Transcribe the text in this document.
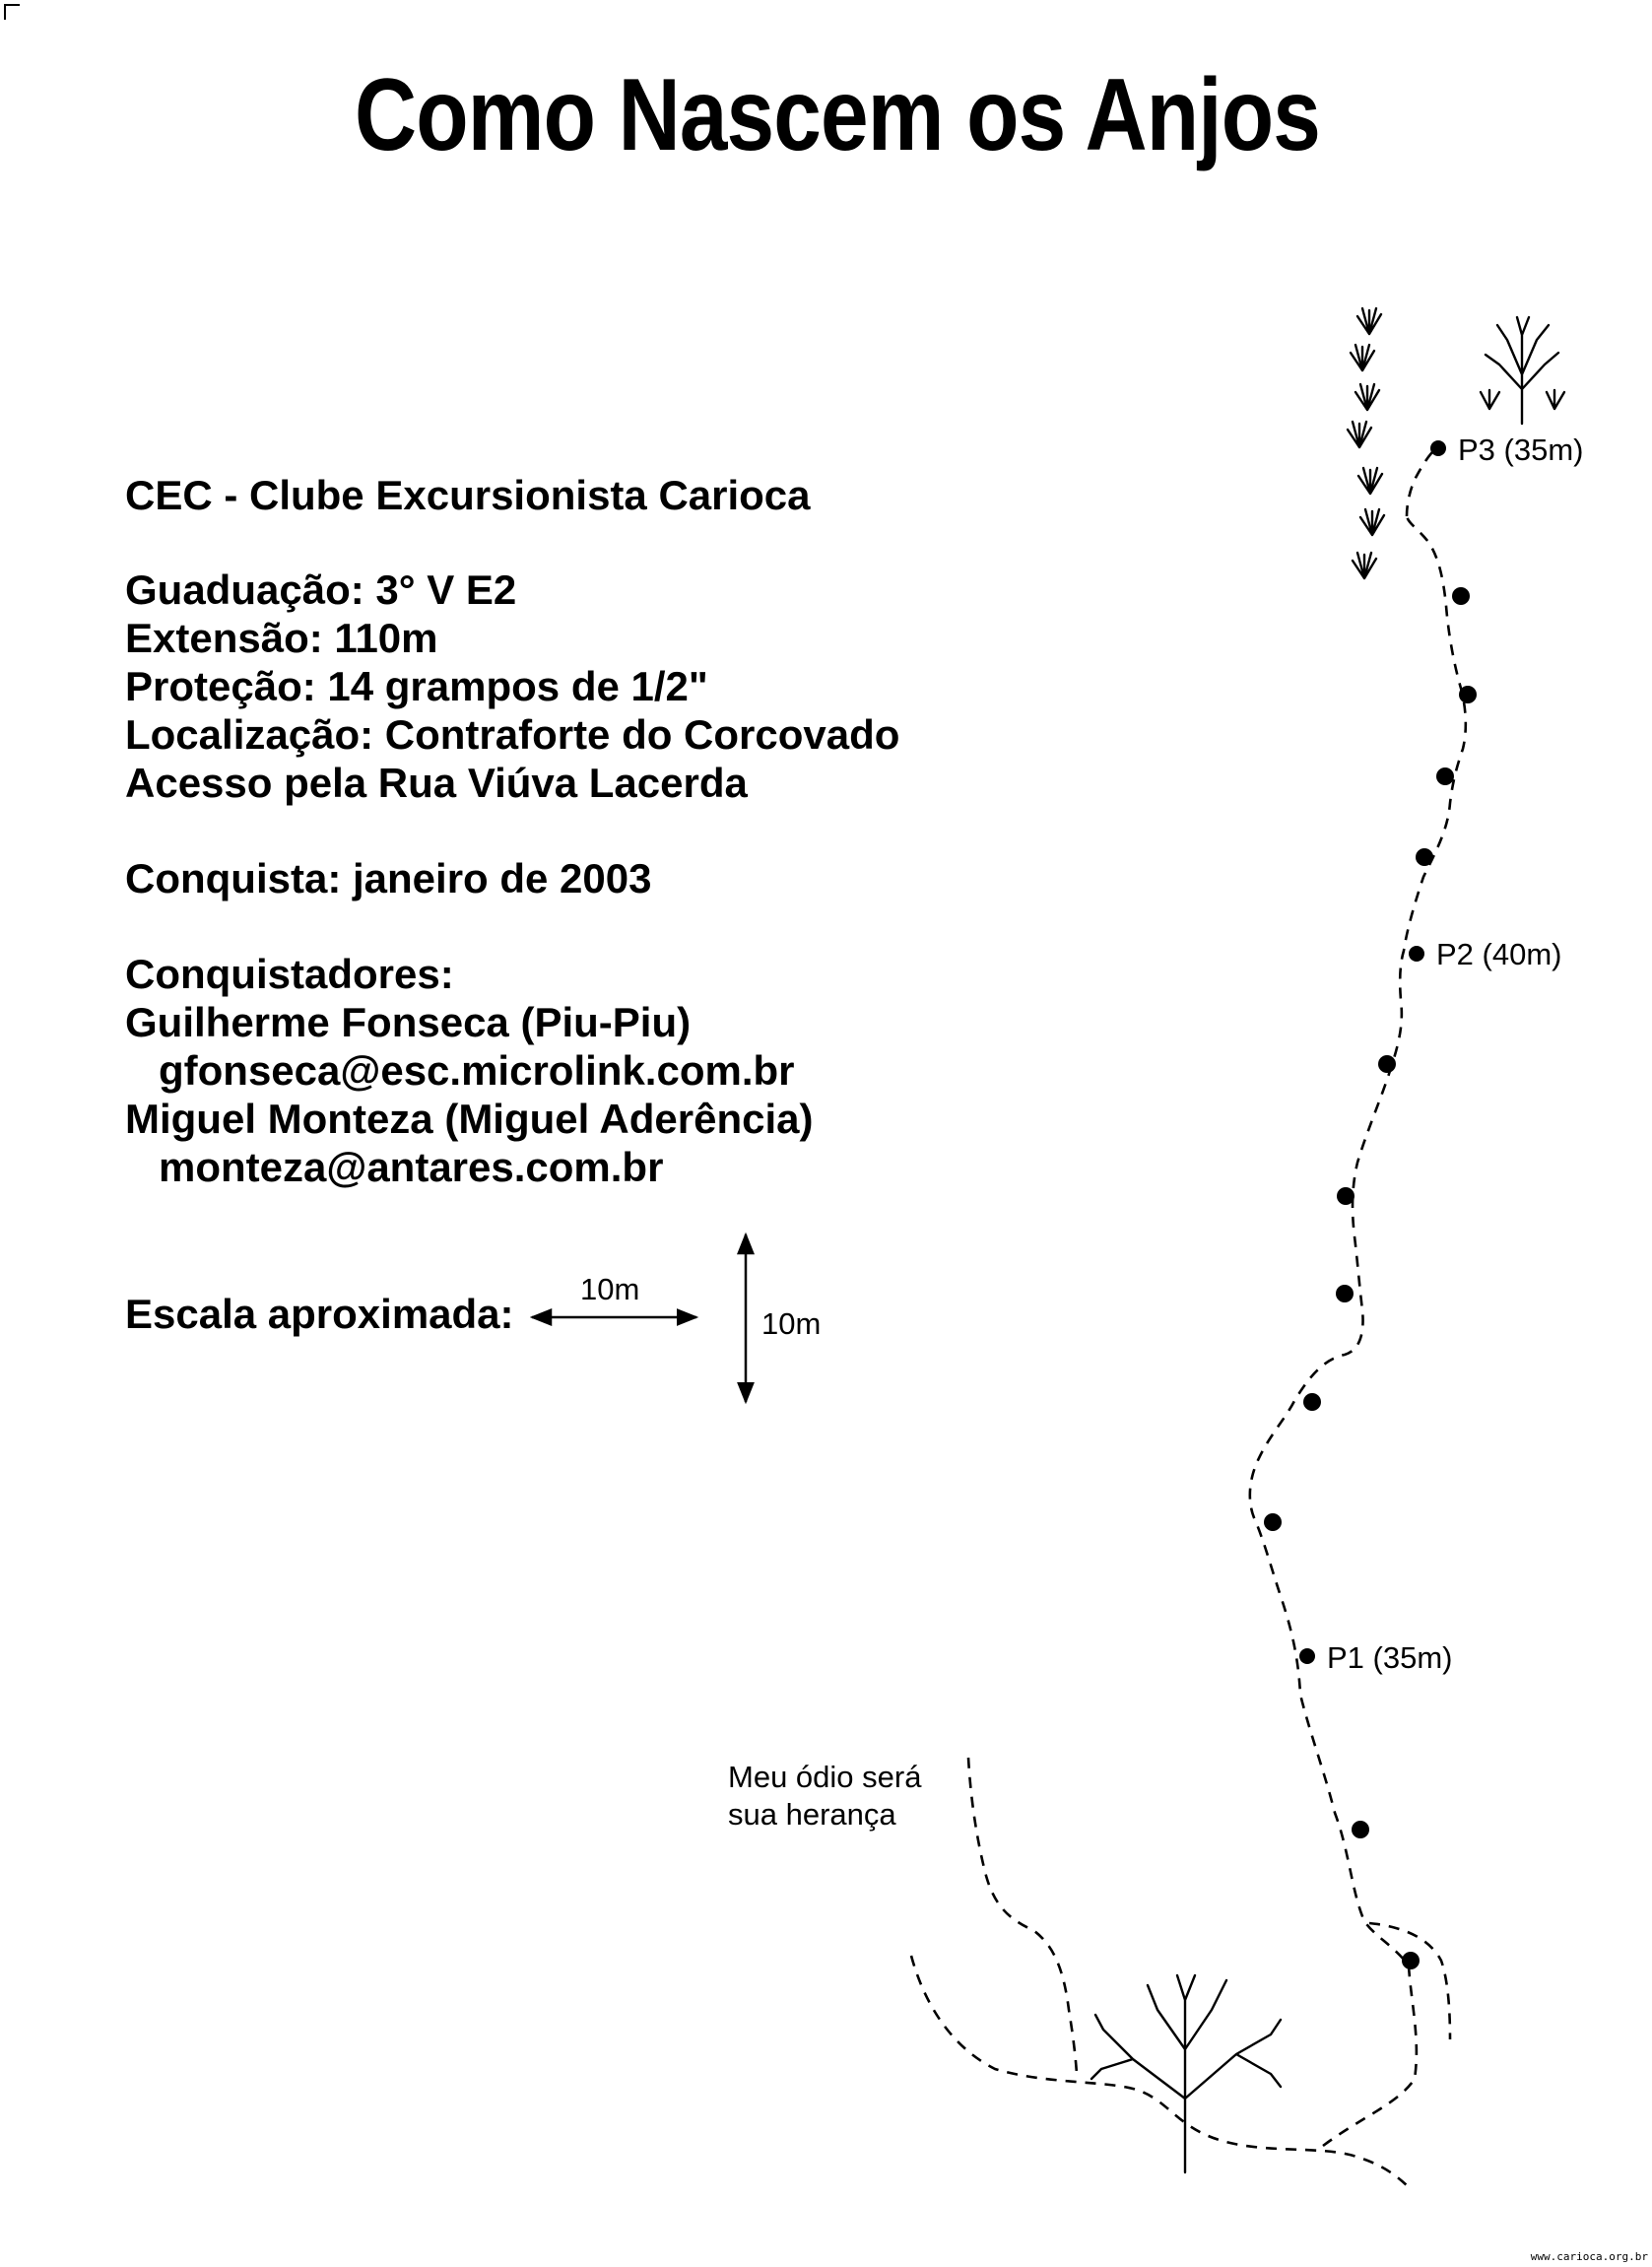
Como Nascem os Anjos
CEC - Clube Excursionista Carioca
Guaduação: 3° V E2
Extensão: 110m
Proteção: 14 grampos de 1/2"
Localização: Contraforte do Corcovado
Acesso pela Rua Viúva Lacerda
Conquista: janeiro de 2003
Conquistadores:
Guilherme Fonseca (Piu-Piu)
gfonseca@esc.microlink.com.br
Miguel Monteza (Miguel Aderência)
monteza@antares.com.br
Escala aproximada:
10m
10m
P3 (35m)
P2 (40m)
P1 (35m)
Meu ódio será
sua herança
www.carioca.org.br
